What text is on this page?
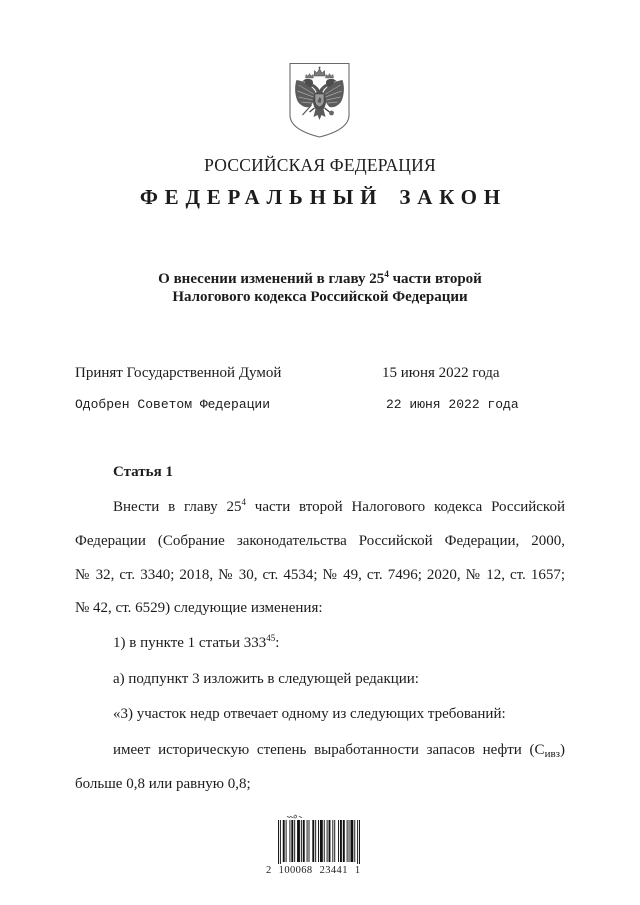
РОССИЙСКАЯ ФЕДЕРАЦИЯ
ФЕДЕРАЛЬНЫЙ ЗАКОН
О внесении изменений в главу $25^4$ части второй
Налогового кодекса Российской Федерации
Принят Государственной Думой	15 июня 2022 года
Одобрен Советом Федерации	22 июня 2022 года
Статья 1
Внести в главу $25^4$ части второй Налогового кодекса Российской
Федерации (Собрание законодательства Российской Федерации, 2000,
№ 32, ст. 3340; 2018, № 30, ст. 4534; № 49, ст. 7496; 2020, № 12, ст. 1657;
№ 42, ст. 6529) следующие изменения:
1) в пункте 1 статьи $333^{45}$:
а) подпункт 3 изложить в следующей редакции:
«3) участок недр отвечает одному из следующих требований:
имеет историческую степень выработанности запасов нефти $(С_{ивз})$
больше 0,8 или равную 0,8;
2 100068 23441 1
